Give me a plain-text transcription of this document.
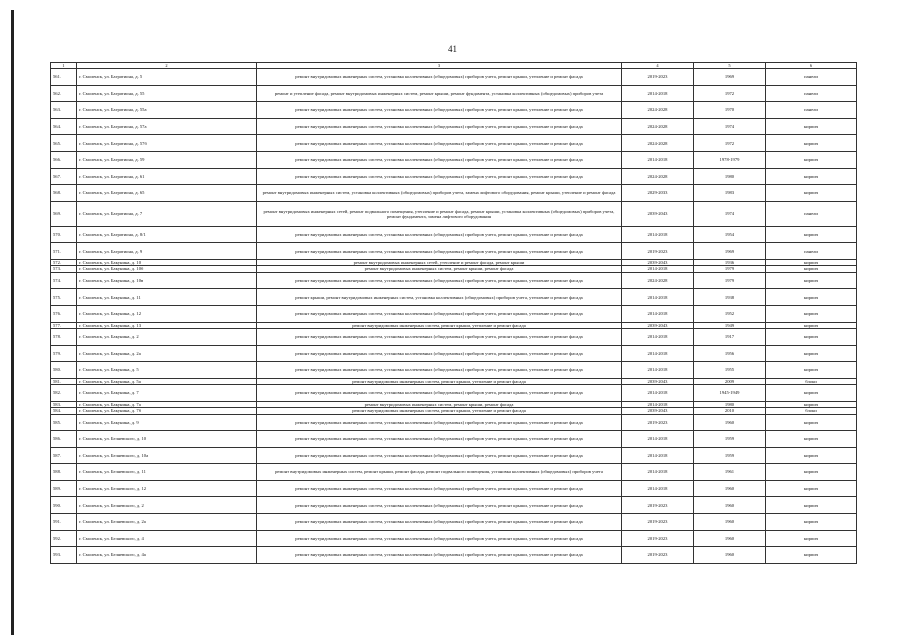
41
1	2	3	4	5	6
561.	г. Смоленск, ул. Багратиона, д. 5	ремонт внутридомовых инженерных систем, установка коллективных (общедомовых) приборов учета, ремонт крыши, утепление и ремонт фасада	2019-2023	1969	панели
562.	г. Смоленск, ул. Багратиона, д. 55	ремонт и утепление фасада, ремонт внутридомовых инженерных систем, ремонт крыши, ремонт фундамента, установка коллективных (общедомовых) приборов учета	2014-2018	1972	панели
563.	г. Смоленск, ул. Багратиона, д. 55а	ремонт внутридомовых инженерных систем, установка коллективных (общедомовых) приборов учета, ремонт крыши, утепление и ремонт фасада	2024-2028	1970	панели
564.	г. Смоленск, ул. Багратиона, д. 57а	ремонт внутридомовых инженерных систем, установка коллективных (общедомовых) приборов учета, ремонт крыши, утепление и ремонт фасада	2024-2028	1974	кирпич
565.	г. Смоленск, ул. Багратиона, д. 57б	ремонт внутридомовых инженерных систем, установка коллективных (общедомовых) приборов учета, ремонт крыши, утепление и ремонт фасада	2024-2028	1972	кирпич
566.	г. Смоленск, ул. Багратиона, д. 59	ремонт внутридомовых инженерных систем, установка коллективных (общедомовых) приборов учета, ремонт крыши, утепление и ремонт фасада	2014-2018	1978-1979	кирпич
567.	г. Смоленск, ул. Багратиона, д. 61	ремонт внутридомовых инженерных систем, установка коллективных (общедомовых) приборов учета, ремонт крыши, утепление и ремонт фасада	2024-2028	1980	кирпич
568.	г. Смоленск, ул. Багратиона, д. 65	ремонт внутридомовых инженерных систем, установка коллективных (общедомовых) приборов учета, замена лифтового оборудования, ремонт крыши, утепление и ремонт фасада	2029-2033	1983	кирпич
569.	г. Смоленск, ул. Багратиона, д. 7	ремонт внутридомовых инженерных сетей, ремонт подвального помещения, утепление и ремонт фасада, ремонт крыши, установка коллективных (общедомовых) приборов учета, ремонт фундамента, замена лифтового оборудования	2039-2043	1974	панели
570.	г. Смоленск, ул. Багратиона, д. 8/1	ремонт внутридомовых инженерных систем, установка коллективных (общедомовых) приборов учета, ремонт крыши, утепление и ремонт фасада	2014-2018	1954	кирпич
571.	г. Смоленск, ул. Багратиона, д. 9	ремонт внутридомовых инженерных систем, установка коллективных (общедомовых) приборов учета, ремонт крыши, утепление и ремонт фасада	2019-2023	1969	панели
572.	г. Смоленск, ул. Бакунина, д. 10	ремонт внутридомовых инженерных сетей, утепление и ремонт фасада, ремонт крыши	2039-2043	1936	кирпич
573.	г. Смоленск, ул. Бакунина, д. 10б	ремонт внутридомовых инженерных систем, ремонт крыши, ремонт фасада	2014-2018	1979	кирпич
574.	г. Смоленск, ул. Бакунина, д. 10в	ремонт внутридомовых инженерных систем, установка коллективных (общедомовых) приборов учета, ремонт крыши, утепление и ремонт фасада	2024-2028	1979	кирпич
575.	г. Смоленск, ул. Бакунина, д. 11	ремонт крыши, ремонт внутридомовых инженерных систем, установка коллективных (общедомовых) приборов учета, утепление и ремонт фасада	2014-2018	1938	кирпич
576.	г. Смоленск, ул. Бакунина, д. 12	ремонт внутридомовых инженерных систем, установка коллективных (общедомовых) приборов учета, ремонт крыши, утепление и ремонт фасада	2014-2018	1952	кирпич
577.	г. Смоленск, ул. Бакунина, д. 13	ремонт внутридомовых инженерных систем, ремонт крыши, утепление и ремонт фасада	2039-2043	1949	кирпич
578.	г. Смоленск, ул. Бакунина, д. 2	ремонт внутридомовых инженерных систем, установка коллективных (общедомовых) приборов учета, ремонт крыши, утепление и ремонт фасада	2014-2018	1917	кирпич
579.	г. Смоленск, ул. Бакунина, д. 2а	ремонт внутридомовых инженерных систем, установка коллективных (общедомовых) приборов учета, ремонт крыши, утепление и ремонт фасада	2014-2018	1956	кирпич
580.	г. Смоленск, ул. Бакунина, д. 5	ремонт внутридомовых инженерных систем, установка коллективных (общедомовых) приборов учета, ремонт крыши, утепление и ремонт фасада	2014-2018	1955	кирпич
581.	г. Смоленск, ул. Бакунина, д. 5а	ремонт внутридомовых инженерных систем, ремонт крыши, утепление и ремонт фасада	2039-2043	2009	блоки
582.	г. Смоленск, ул. Бакунина, д. 7	ремонт внутридомовых инженерных систем, установка коллективных (общедомовых) приборов учета, ремонт крыши, утепление и ремонт фасада	2014-2018	1945-1949	кирпич
583.	г. Смоленск, ул. Бакунина, д. 7а	ремонт внутридомовых инженерных систем, ремонт крыши, ремонт фасада	2014-2018	1980	кирпич
584.	г. Смоленск, ул. Бакунина, д. 7б	ремонт внутридомовых инженерных систем, ремонт крыши, утепление и ремонт фасада	2039-2043	2010	блоки
585.	г. Смоленск, ул. Бакунина, д. 9	ремонт внутридомовых инженерных систем, установка коллективных (общедомовых) приборов учета, ремонт крыши, утепление и ремонт фасада	2019-2023	1960	кирпич
586.	г. Смоленск, ул. Беляевского, д. 10	ремонт внутридомовых инженерных систем, установка коллективных (общедомовых) приборов учета, ремонт крыши, утепление и ремонт фасада	2014-2018	1959	кирпич
587.	г. Смоленск, ул. Беляевского, д. 10а	ремонт внутридомовых инженерных систем, установка коллективных (общедомовых) приборов учета, ремонт крыши, утепление и ремонт фасада	2014-2018	1959	кирпич
588.	г. Смоленск, ул. Беляевского, д. 11	ремонт внутридомовых инженерных систем, ремонт крыши, ремонт фасада, ремонт подвального помещения, установка коллективных (общедомовых) приборов учета	2014-2018	1961	кирпич
589.	г. Смоленск, ул. Беляевского, д. 12	ремонт внутридомовых инженерных систем, установка коллективных (общедомовых) приборов учета, ремонт крыши, утепление и ремонт фасада	2014-2018	1960	кирпич
590.	г. Смоленск, ул. Беляевского, д. 2	ремонт внутридомовых инженерных систем, установка коллективных (общедомовых) приборов учета, ремонт крыши, утепление и ремонт фасада	2019-2023	1960	кирпич
591.	г. Смоленск, ул. Беляевского, д. 2а	ремонт внутридомовых инженерных систем, установка коллективных (общедомовых) приборов учета, ремонт крыши, утепление и ремонт фасада	2019-2023	1960	кирпич
592.	г. Смоленск, ул. Беляевского, д. 4	ремонт внутридомовых инженерных систем, установка коллективных (общедомовых) приборов учета, ремонт крыши, утепление и ремонт фасада	2019-2023	1960	кирпич
593.	г. Смоленск, ул. Беляевского, д. 4а	ремонт внутридомовых инженерных систем, установка коллективных (общедомовых) приборов учета, ремонт крыши, утепление и ремонт фасада	2019-2023	1960	кирпич
